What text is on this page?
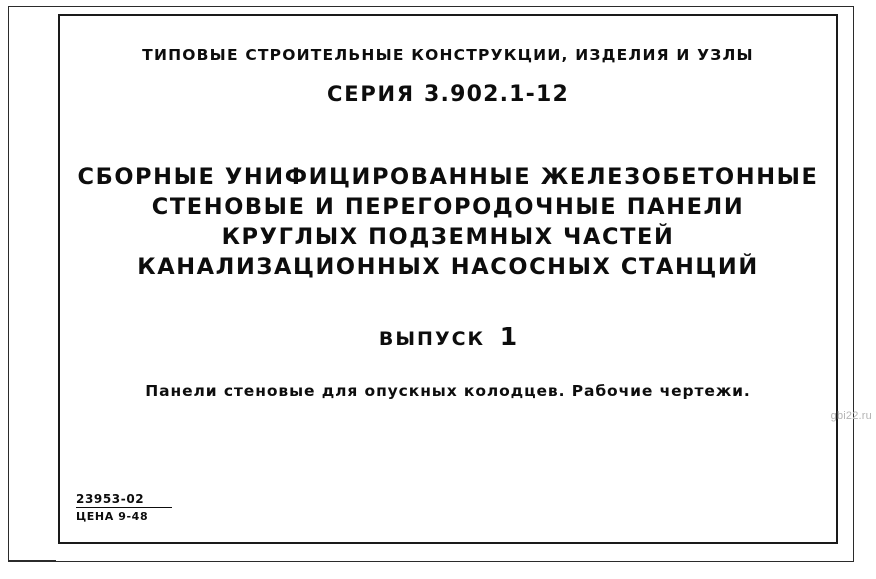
ТИПОВЫЕ СТРОИТЕЛЬНЫЕ КОНСТРУКЦИИ, ИЗДЕЛИЯ И УЗЛЫ
СЕРИЯ 3.902.1-12
СБОРНЫЕ УНИФИЦИРОВАННЫЕ ЖЕЛЕЗОБЕТОННЫЕ
СТЕНОВЫЕ И ПЕРЕГОРОДОЧНЫЕ ПАНЕЛИ
КРУГЛЫХ ПОДЗЕМНЫХ ЧАСТЕЙ
КАНАЛИЗАЦИОННЫХ НАСОСНЫХ СТАНЦИЙ
ВЫПУСК 1
Панели стеновые для опускных колодцев. Рабочие чертежи.
23953-02
ЦЕНА 9-48
gbi22.ru
